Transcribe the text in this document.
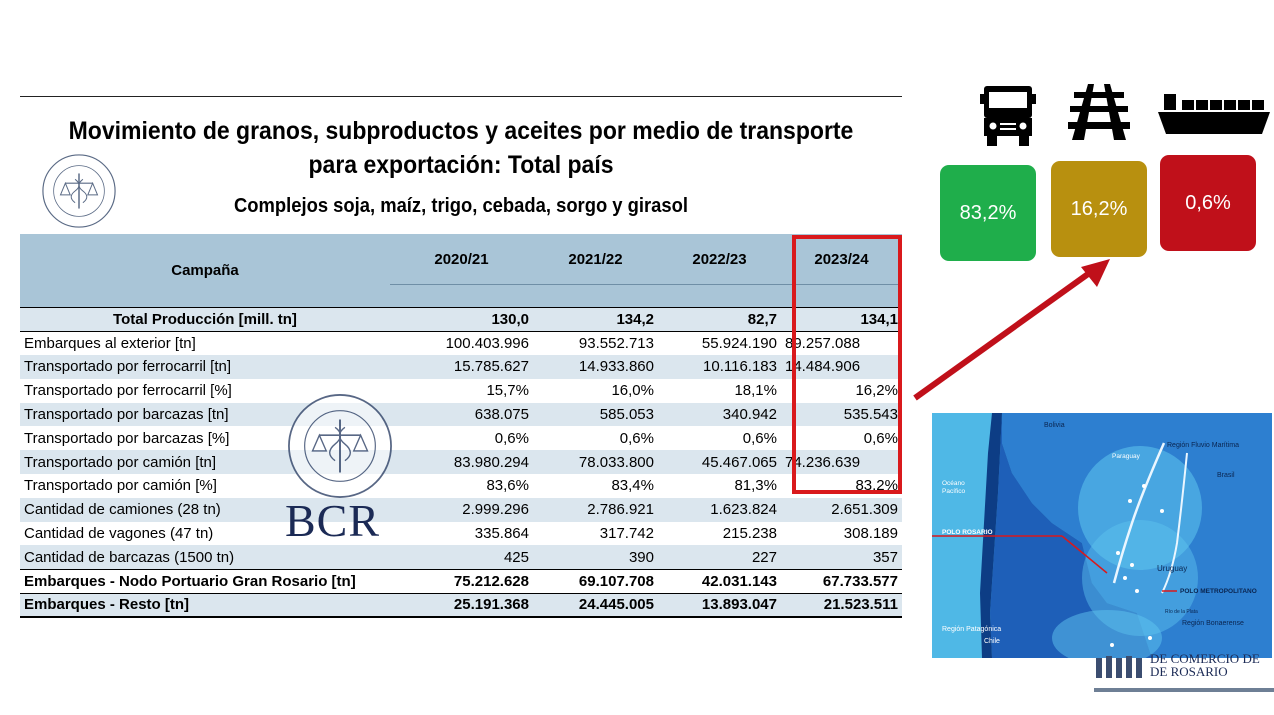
Movimiento de granos, subproductos y aceites por medio de transporte
para exportación: Total país
Complejos soja, maíz, trigo, cebada, sorgo y girasol
Campaña	2020/21	2021/22	2022/23	2023/24

Total Producción [mill. tn]	130,0	134,2	82,7	134,1
Embarques al exterior [tn]	100.403.996	93.552.713	55.924.190	89.257.088
Transportado por ferrocarril [tn]	15.785.627	14.933.860	10.116.183	14.484.906
Transportado por ferrocarril [%]	15,7%	16,0%	18,1%	16,2%
Transportado por barcazas [tn]	638.075	585.053	340.942	535.543
Transportado por barcazas [%]	0,6%	0,6%	0,6%	0,6%
Transportado por camión [tn]	83.980.294	78.033.800	45.467.065	74.236.639
Transportado por camión [%]	83,6%	83,4%	81,3%	83,2%
Cantidad de camiones (28 tn)	2.999.296	2.786.921	1.623.824	2.651.309
Cantidad de vagones (47 tn)	335.864	317.742	215.238	308.189
Cantidad de barcazas (1500 tn)	425	390	227	357
Embarques - Nodo Portuario Gran Rosario [tn]	75.212.628	69.107.708	42.031.143	67.733.577
Embarques - Resto [tn]	25.191.368	24.445.005	13.893.047	21.523.511
BCR
83,2%	16,2%	0,6%
Bolivia
Región Fluvio Marítima
Paraguay
Brasil
Océano
Pacífico
POLO ROSARIO
POLO METROPOLITANO
Uruguay
Río de la Plata
Región Patagónica
Chile
Región Bonaerense
DE COMERCIO DE
DE ROSARIO
